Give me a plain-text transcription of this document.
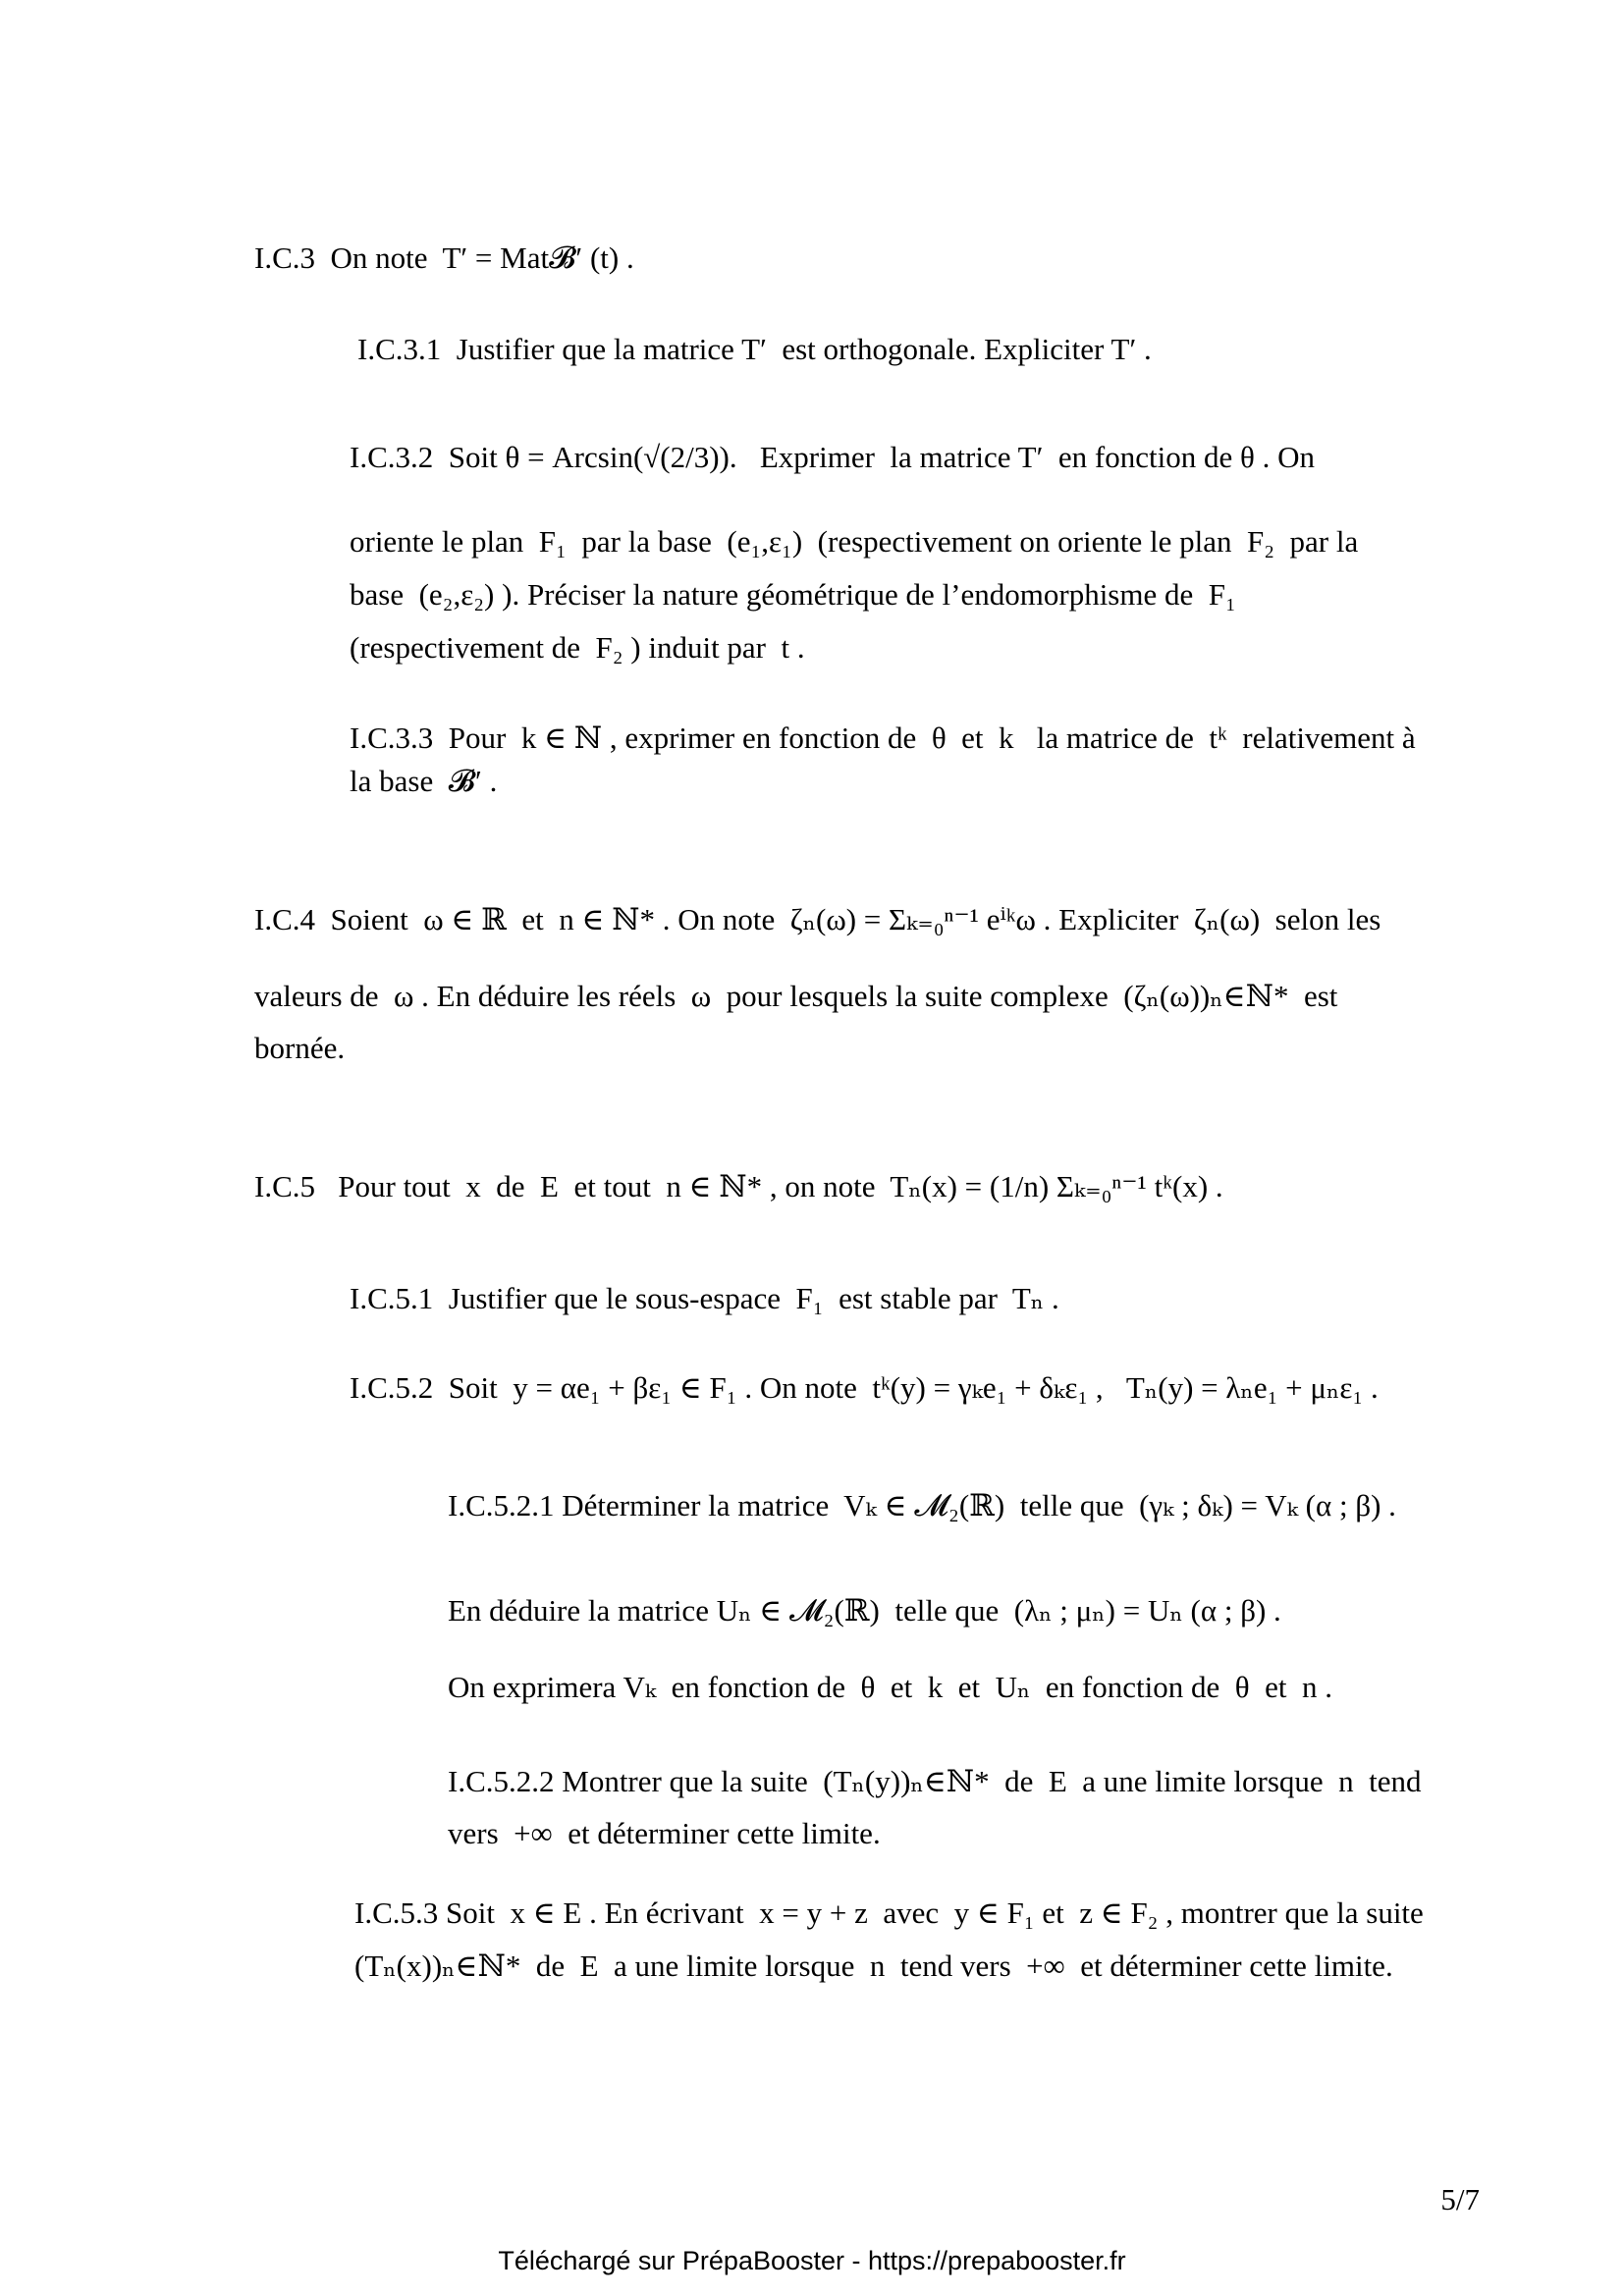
I.C.3  On note  T′ = Mat𝓑′ (t) .
I.C.3.1  Justifier que la matrice T′  est orthogonale. Expliciter T′ .
I.C.3.2  Soit θ = Arcsin(√(2/3)).   Exprimer  la matrice T′  en fonction de θ . On
oriente le plan  F₁  par la base  (e₁,ε₁)  (respectivement on oriente le plan  F₂  par la
base  (e₂,ε₂) ). Préciser la nature géométrique de l’endomorphisme de  F₁
(respectivement de  F₂ ) induit par  t .
I.C.3.3  Pour  k ∈ ℕ , exprimer en fonction de  θ  et  k   la matrice de  tᵏ  relativement à
la base  𝓑′ .
I.C.4  Soient  ω ∈ ℝ  et  n ∈ ℕ* . On note  ζₙ(ω) = Σₖ₌₀ⁿ⁻¹ eⁱᵏω . Expliciter  ζₙ(ω)  selon les
valeurs de  ω . En déduire les réels  ω  pour lesquels la suite complexe  (ζₙ(ω))ₙ∈ℕ*  est
bornée.
I.C.5   Pour tout  x  de  E  et tout  n ∈ ℕ* , on note  Tₙ(x) = (1/n) Σₖ₌₀ⁿ⁻¹ tᵏ(x) .
I.C.5.1  Justifier que le sous-espace  F₁  est stable par  Tₙ .
I.C.5.2  Soit  y = αe₁ + βε₁ ∈ F₁ . On note  tᵏ(y) = γₖe₁ + δₖε₁ ,   Tₙ(y) = λₙe₁ + μₙε₁ .
I.C.5.2.1 Déterminer la matrice  Vₖ ∈ 𝓜₂(ℝ)  telle que  (γₖ ; δₖ) = Vₖ (α ; β) .
En déduire la matrice Uₙ ∈ 𝓜₂(ℝ)  telle que  (λₙ ; μₙ) = Uₙ (α ; β) .
On exprimera Vₖ  en fonction de  θ  et  k  et  Uₙ  en fonction de  θ  et  n .
I.C.5.2.2 Montrer que la suite  (Tₙ(y))ₙ∈ℕ*  de  E  a une limite lorsque  n  tend
vers  +∞  et déterminer cette limite.
I.C.5.3 Soit  x ∈ E . En écrivant  x = y + z  avec  y ∈ F₁ et  z ∈ F₂ , montrer que la suite
(Tₙ(x))ₙ∈ℕ*  de  E  a une limite lorsque  n  tend vers  +∞  et déterminer cette limite.
5/7
Téléchargé sur PrépaBooster - https://prepabooster.fr
